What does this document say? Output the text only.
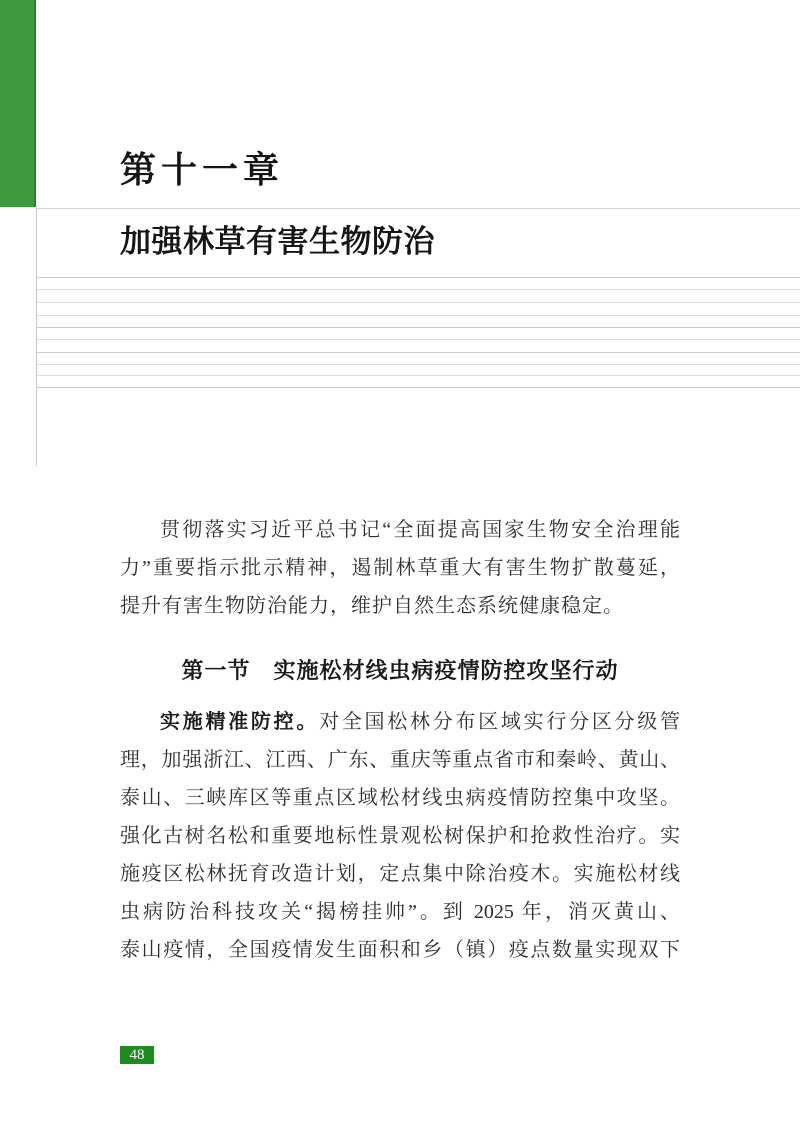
第十一章
加强林草有害生物防治
贯彻落实习近平总书记“全面提高国家生物安全治理能
力”重要指示批示精神，遏制林草重大有害生物扩散蔓延，
提升有害生物防治能力，维护自然生态系统健康稳定。
第一节　实施松材线虫病疫情防控攻坚行动
实施精准防控。对全国松林分布区域实行分区分级管
理，加强浙江、江西、广东、重庆等重点省市和秦岭、黄山、
泰山、三峡库区等重点区域松材线虫病疫情防控集中攻坚。
强化古树名松和重要地标性景观松树保护和抢救性治疗。实
施疫区松林抚育改造计划，定点集中除治疫木。实施松材线
虫病防治科技攻关“揭榜挂帅”。到 2025 年，消灭黄山、
泰山疫情，全国疫情发生面积和乡（镇）疫点数量实现双下
48
